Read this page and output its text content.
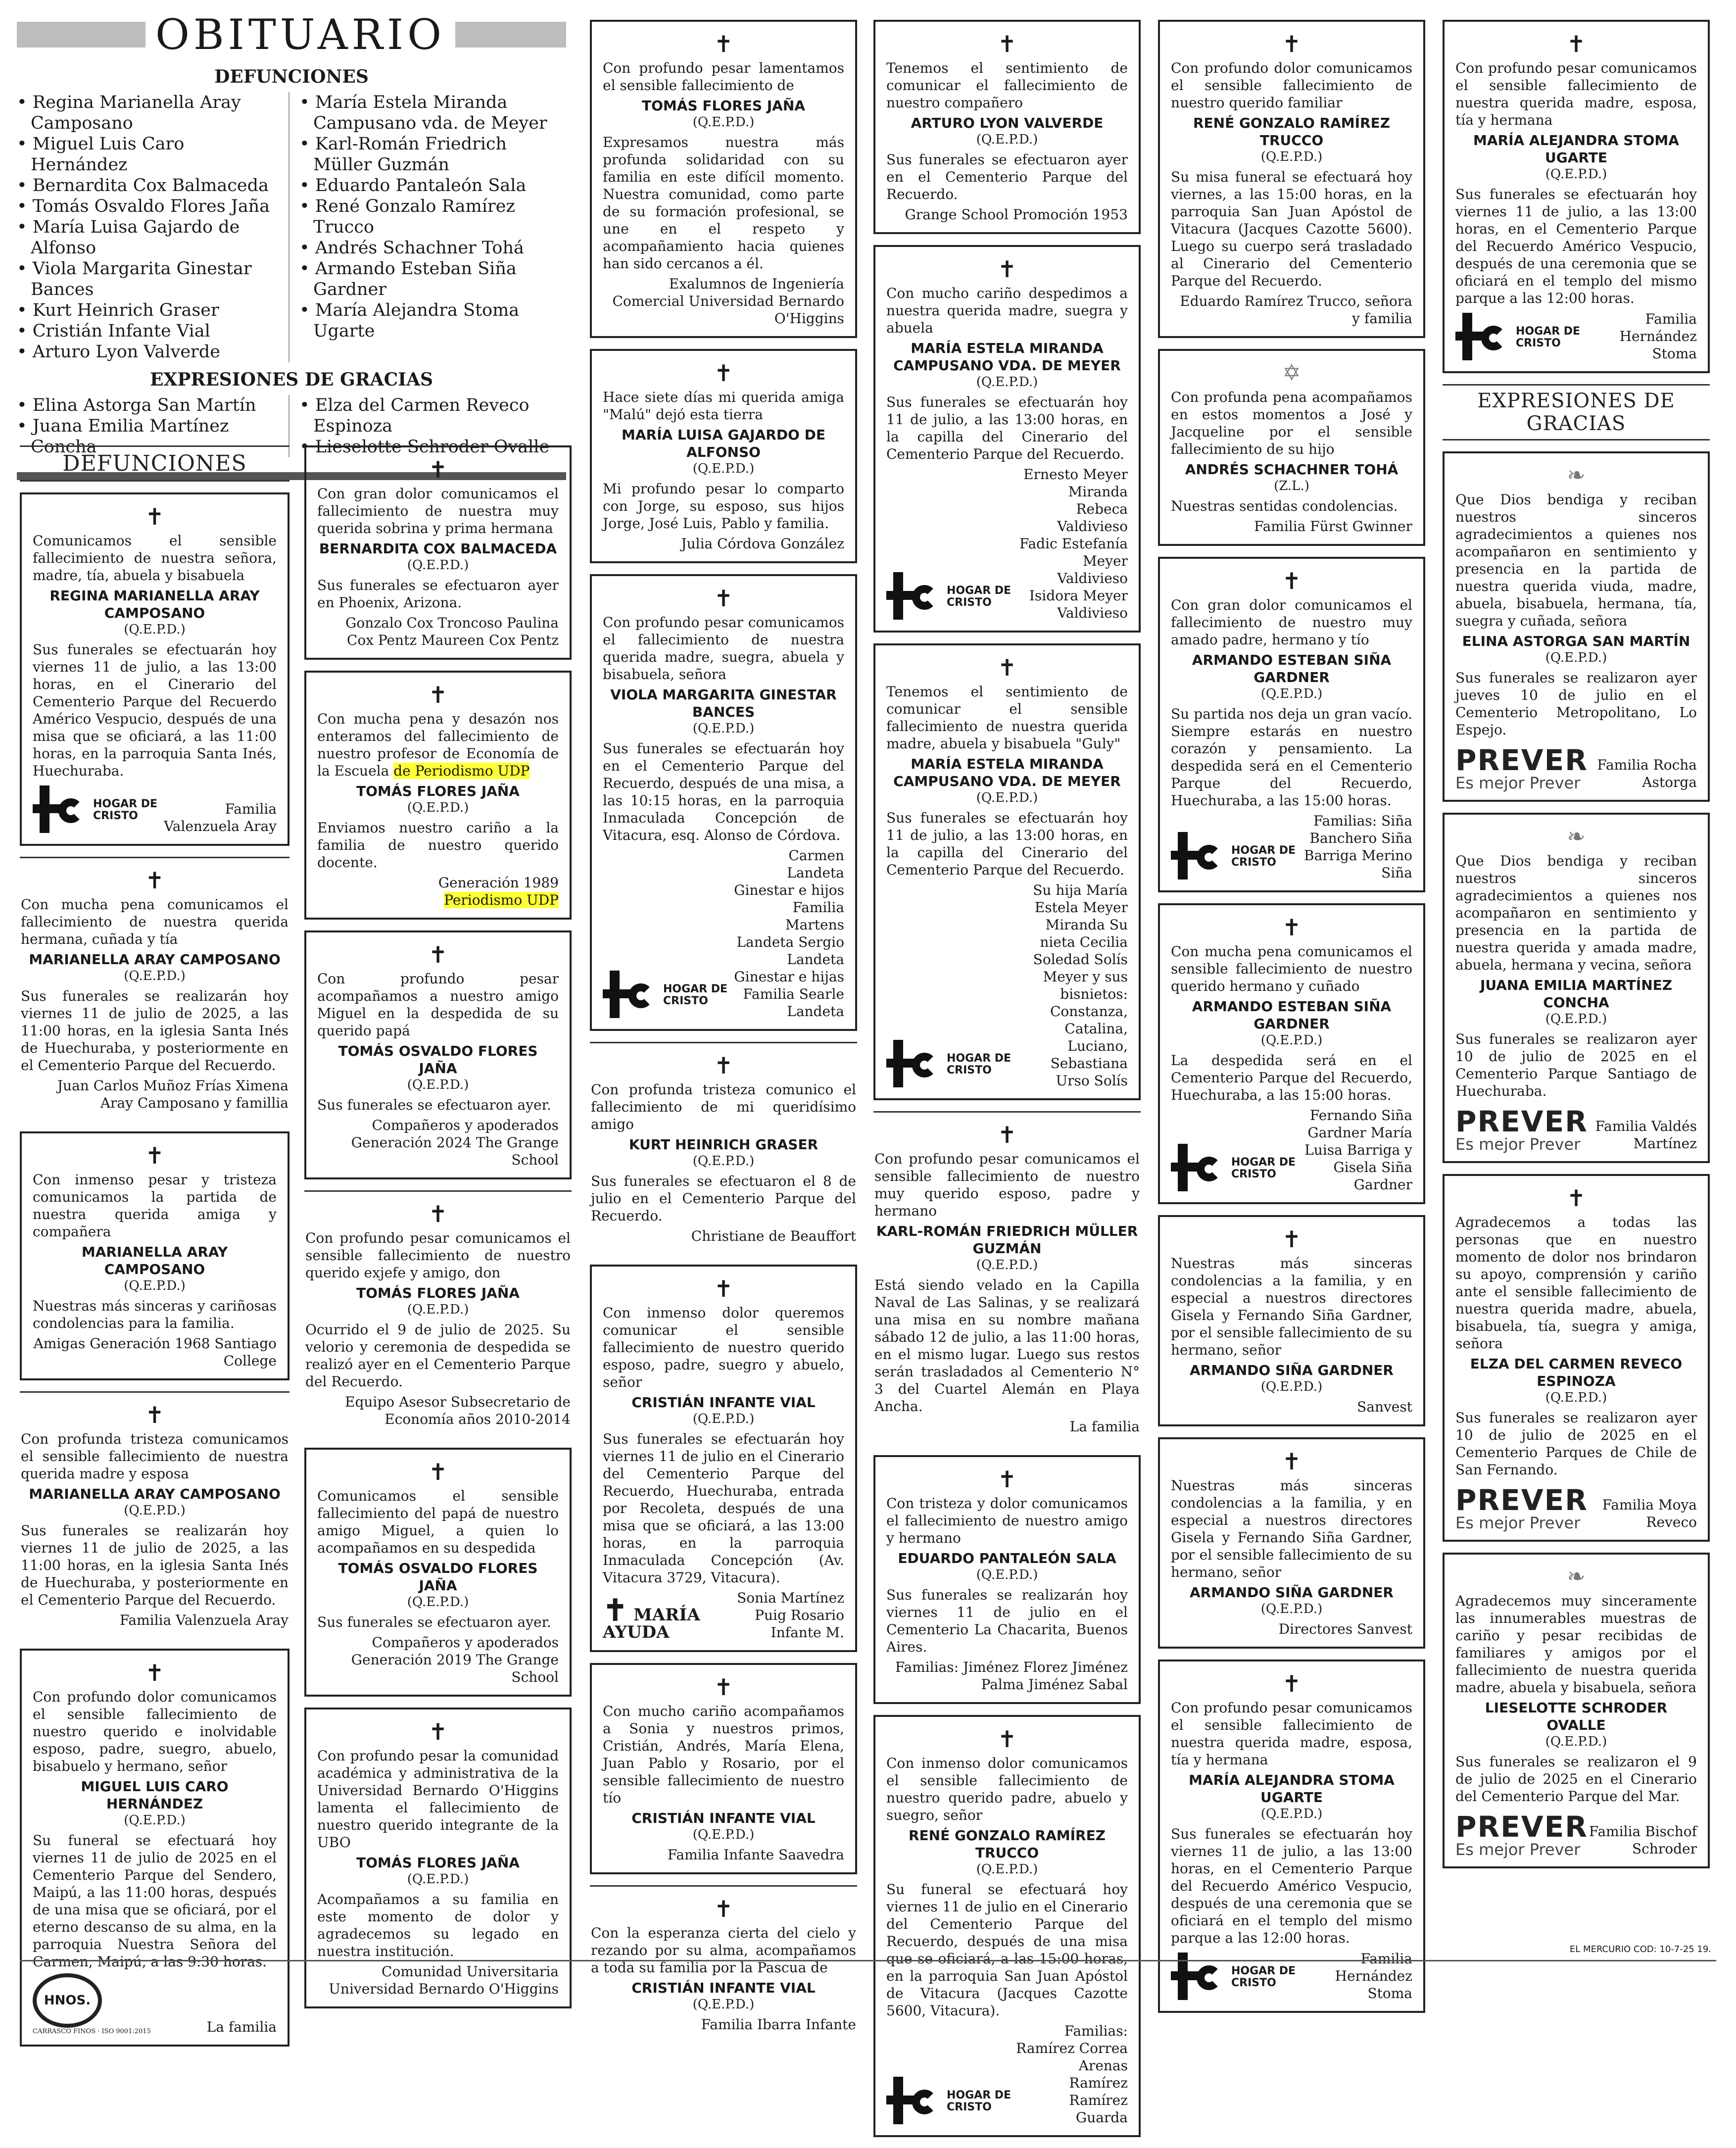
OBITUARIO
DEFUNCIONES
• Regina Marianella Aray Camposano
• Miguel Luis Caro Hernández
• Bernardita Cox Balmaceda
• Tomás Osvaldo Flores Jaña
• María Luisa Gajardo de Alfonso
• Viola Margarita Ginestar Bances
• Kurt Heinrich Graser
• Cristián Infante Vial
• Arturo Lyon Valverde
• María Estela Miranda Campusano vda. de Meyer
• Karl-Román Friedrich Müller Guzmán
• Eduardo Pantaleón Sala
• René Gonzalo Ramírez Trucco
• Andrés Schachner Tohá
• Armando Esteban Siña Gardner
• María Alejandra Stoma Ugarte
EXPRESIONES DE GRACIAS
• Elina Astorga San Martín
• Juana Emilia Martínez Concha
• Elza del Carmen Reveco Espinoza
• Lieselotte Schroder Ovalle
DEFUNCIONES
✝
Comunicamos el sensible fallecimiento de nuestra señora, madre, tía, abuela y bisabuela
REGINA MARIANELLA ARAY CAMPOSANO
(Q.E.P.D.)
Sus funerales se efectuarán hoy viernes 11 de julio, a las 13:00 horas, en el Cinerario del Cementerio Parque del Recuerdo Américo Vespucio, después de una misa que se oficiará, a las 11:00 horas, en la parroquia Santa Inés, Huechuraba.
HOGAR DE CRISTO	Familia Valenzuela Aray
✝
Con mucha pena comunicamos el fallecimiento de nuestra querida hermana, cuñada y tía
MARIANELLA ARAY CAMPOSANO
(Q.E.P.D.)
Sus funerales se realizarán hoy viernes 11 de julio de 2025, a las 11:00 horas, en la iglesia Santa Inés de Huechuraba, y posteriormente en el Cementerio Parque del Recuerdo.
Juan Carlos Muñoz Frías Ximena Aray Camposano y famillia
✝
Con inmenso pesar y tristeza comunicamos la partida de nuestra querida amiga y compañera
MARIANELLA ARAY CAMPOSANO
(Q.E.P.D.)
Nuestras más sinceras y cariñosas condolencias para la familia.
Amigas Generación 1968 Santiago College
✝
Con profunda tristeza comunicamos el sensible fallecimiento de nuestra querida madre y esposa
MARIANELLA ARAY CAMPOSANO
(Q.E.P.D.)
Sus funerales se realizarán hoy viernes 11 de julio de 2025, a las 11:00 horas, en la iglesia Santa Inés de Huechuraba, y posteriormente en el Cementerio Parque del Recuerdo.
Familia Valenzuela Aray
✝
Con profundo dolor comunicamos el sensible fallecimiento de nuestro querido e inolvidable esposo, padre, suegro, abuelo, bisabuelo y hermano, señor
MIGUEL LUIS CARO HERNÁNDEZ
(Q.E.P.D.)
Su funeral se efectuará hoy viernes 11 de julio de 2025 en el Cementerio Parque del Sendero, Maipú, a las 11:00 horas, después de una misa que se oficiará, por el eterno descanso de su alma, en la parroquia Nuestra Señora del Carmen, Maipú, a las 9:30 horas.
HNOS.
CARRASCO FINOS · ISO 9001:2015	La familia
✝
Con gran dolor comunicamos el fallecimiento de nuestra muy querida sobrina y prima hermana
BERNARDITA COX BALMACEDA
(Q.E.P.D.)
Sus funerales se efectuaron ayer en Phoenix, Arizona.
Gonzalo Cox Troncoso Paulina Cox Pentz Maureen Cox Pentz
✝
Con mucha pena y desazón nos enteramos del fallecimiento de nuestro profesor de Economía de la Escuela de Periodismo UDP
TOMÁS FLORES JAÑA
(Q.E.P.D.)
Enviamos nuestro cariño a la familia de nuestro querido docente.
Generación 1989
Periodismo UDP
✝
Con profundo pesar acompañamos a nuestro amigo Miguel en la despedida de su querido papá
TOMÁS OSVALDO FLORES JAÑA
(Q.E.P.D.)
Sus funerales se efectuaron ayer.
Compañeros y apoderados Generación 2024 The Grange School
✝
Con profundo pesar comunicamos el sensible fallecimiento de nuestro querido exjefe y amigo, don
TOMÁS FLORES JAÑA
(Q.E.P.D.)
Ocurrido el 9 de julio de 2025. Su velorio y ceremonia de despedida se realizó ayer en el Cementerio Parque del Recuerdo.
Equipo Asesor Subsecretario de Economía años 2010-2014
✝
Comunicamos el sensible fallecimiento del papá de nuestro amigo Miguel, a quien lo acompañamos en su despedida
TOMÁS OSVALDO FLORES JAÑA
(Q.E.P.D.)
Sus funerales se efectuaron ayer.
Compañeros y apoderados Generación 2019 The Grange School
✝
Con profundo pesar la comunidad académica y administrativa de la Universidad Bernardo O'Higgins lamenta el fallecimiento de nuestro querido integrante de la UBO
TOMÁS FLORES JAÑA
(Q.E.P.D.)
Acompañamos a su familia en este momento de dolor y agradecemos su legado en nuestra institución.
Comunidad Universitaria Universidad Bernardo O'Higgins
✝
Con profundo pesar lamentamos el sensible fallecimiento de
TOMÁS FLORES JAÑA
(Q.E.P.D.)
Expresamos nuestra más profunda solidaridad con su familia en este difícil momento. Nuestra comunidad, como parte de su formación profesional, se une en el respeto y acompañamiento hacia quienes han sido cercanos a él.
Exalumnos de Ingeniería Comercial Universidad Bernardo O'Higgins
✝
Hace siete días mi querida amiga "Malú" dejó esta tierra
MARÍA LUISA GAJARDO DE ALFONSO
(Q.E.P.D.)
Mi profundo pesar lo comparto con Jorge, su esposo, sus hijos Jorge, José Luis, Pablo y familia.
Julia Córdova González
✝
Con profundo pesar comunicamos el fallecimiento de nuestra querida madre, suegra, abuela y bisabuela, señora
VIOLA MARGARITA GINESTAR BANCES
(Q.E.P.D.)
Sus funerales se efectuarán hoy en el Cementerio Parque del Recuerdo, después de una misa, a las 10:15 horas, en la parroquia Inmaculada Concepción de Vitacura, esq. Alonso de Córdova.
HOGAR DE CRISTO
Carmen Landeta Ginestar e hijos Familia Martens Landeta Sergio Landeta Ginestar e hijas Familia Searle Landeta
✝
Con profunda tristeza comunico el fallecimiento de mi queridísimo amigo
KURT HEINRICH GRASER
(Q.E.P.D.)
Sus funerales se efectuaron el 8 de julio en el Cementerio Parque del Recuerdo.
Christiane de Beauffort
✝
Con inmenso dolor queremos comunicar el sensible fallecimiento de nuestro querido esposo, padre, suegro y abuelo, señor
CRISTIÁN INFANTE VIAL
(Q.E.P.D.)
Sus funerales se efectuarán hoy viernes 11 de julio en el Cinerario del Cementerio Parque del Recuerdo, Huechuraba, entrada por Recoleta, después de una misa que se oficiará, a las 13:00 horas, en la parroquia Inmaculada Concepción (Av. Vitacura 3729, Vitacura).
✝ MARÍA AYUDA
Sonia Martínez Puig Rosario Infante M.
✝
Con mucho cariño acompañamos a Sonia y nuestros primos, Cristián, Andrés, María Elena, Juan Pablo y Rosario, por el sensible fallecimiento de nuestro tío
CRISTIÁN INFANTE VIAL
(Q.E.P.D.)
Familia Infante Saavedra
✝
Con la esperanza cierta del cielo y rezando por su alma, acompañamos a toda su familia por la Pascua de
CRISTIÁN INFANTE VIAL
(Q.E.P.D.)
Familia Ibarra Infante
✝
Tenemos el sentimiento de comunicar el fallecimiento de nuestro compañero
ARTURO LYON VALVERDE
(Q.E.P.D.)
Sus funerales se efectuaron ayer en el Cementerio Parque del Recuerdo.
Grange School Promoción 1953
✝
Con mucho cariño despedimos a nuestra querida madre, suegra y abuela
MARÍA ESTELA MIRANDA CAMPUSANO VDA. DE MEYER
(Q.E.P.D.)
Sus funerales se efectuarán hoy 11 de julio, a las 13:00 horas, en la capilla del Cinerario del Cementerio Parque del Recuerdo.
HOGAR DE CRISTO
Ernesto Meyer Miranda Rebeca Valdivieso Fadic Estefanía Meyer Valdivieso Isidora Meyer Valdivieso
✝
Tenemos el sentimiento de comunicar el sensible fallecimiento de nuestra querida madre, abuela y bisabuela "Guly"
MARÍA ESTELA MIRANDA CAMPUSANO VDA. DE MEYER
(Q.E.P.D.)
Sus funerales se efectuarán hoy 11 de julio, a las 13:00 horas, en la capilla del Cinerario del Cementerio Parque del Recuerdo.
HOGAR DE CRISTO
Su hija María Estela Meyer Miranda Su nieta Cecilia Soledad Solís Meyer y sus bisnietos: Constanza, Catalina, Luciano, Sebastiana Urso Solís
✝
Con profundo pesar comunicamos el sensible fallecimiento de nuestro muy querido esposo, padre y hermano
KARL-ROMÁN FRIEDRICH MÜLLER GUZMÁN
(Q.E.P.D.)
Está siendo velado en la Capilla Naval de Las Salinas, y se realizará una misa en su nombre mañana sábado 12 de julio, a las 11:00 horas, en el mismo lugar. Luego sus restos serán trasladados al Cementerio N° 3 del Cuartel Alemán en Playa Ancha.
La familia
✝
Con tristeza y dolor comunicamos el fallecimiento de nuestro amigo y hermano
EDUARDO PANTALEÓN SALA
(Q.E.P.D.)
Sus funerales se realizarán hoy viernes 11 de julio en el Cementerio La Chacarita, Buenos Aires.
Familias: Jiménez Florez Jiménez Palma Jiménez Sabal
✝
Con inmenso dolor comunicamos el sensible fallecimiento de nuestro querido padre, abuelo y suegro, señor
RENÉ GONZALO RAMÍREZ TRUCCO
(Q.E.P.D.)
Su funeral se efectuará hoy viernes 11 de julio en el Cinerario del Cementerio Parque del Recuerdo, después de una misa que se oficiará, a las 15:00 horas, en la parroquia San Juan Apóstol de Vitacura (Jacques Cazotte 5600, Vitacura).
HOGAR DE CRISTO
Familias: Ramírez Correa Arenas Ramírez Ramírez Guarda
✝
Con profundo dolor comunicamos el sensible fallecimiento de nuestro querido familiar
RENÉ GONZALO RAMÍREZ TRUCCO
(Q.E.P.D.)
Su misa funeral se efectuará hoy viernes, a las 15:00 horas, en la parroquia San Juan Apóstol de Vitacura (Jacques Cazotte 5600). Luego su cuerpo será trasladado al Cinerario del Cementerio Parque del Recuerdo.
Eduardo Ramírez Trucco, señora y familia
✡
Con profunda pena acompañamos en estos momentos a José y Jacqueline por el sensible fallecimiento de su hijo
ANDRÉS SCHACHNER TOHÁ
(Z.L.)
Nuestras sentidas condolencias.
Familia Fürst Gwinner
✝
Con gran dolor comunicamos el fallecimiento de nuestro muy amado padre, hermano y tío
ARMANDO ESTEBAN SIÑA GARDNER
(Q.E.P.D.)
Su partida nos deja un gran vacío. Siempre estarás en nuestro corazón y pensamiento. La despedida será en el Cementerio Parque del Recuerdo, Huechuraba, a las 15:00 horas.
HOGAR DE CRISTO
Familias: Siña Banchero Siña Barriga Merino Siña
✝
Con mucha pena comunicamos el sensible fallecimiento de nuestro querido hermano y cuñado
ARMANDO ESTEBAN SIÑA GARDNER
(Q.E.P.D.)
La despedida será en el Cementerio Parque del Recuerdo, Huechuraba, a las 15:00 horas.
HOGAR DE CRISTO
Fernando Siña Gardner María Luisa Barriga y Gisela Siña Gardner
✝
Nuestras más sinceras condolencias a la familia, y en especial a nuestros directores Gisela y Fernando Siña Gardner, por el sensible fallecimiento de su hermano, señor
ARMANDO SIÑA GARDNER
(Q.E.P.D.)
Sanvest
✝
Nuestras más sinceras condolencias a la familia, y en especial a nuestros directores Gisela y Fernando Siña Gardner, por el sensible fallecimiento de su hermano, señor
ARMANDO SIÑA GARDNER
(Q.E.P.D.)
Directores Sanvest
✝
Con profundo pesar comunicamos el sensible fallecimiento de nuestra querida madre, esposa, tía y hermana
MARÍA ALEJANDRA STOMA UGARTE
(Q.E.P.D.)
Sus funerales se efectuarán hoy viernes 11 de julio, a las 13:00 horas, en el Cementerio Parque del Recuerdo Américo Vespucio, después de una ceremonia que se oficiará en el templo del mismo parque a las 12:00 horas.
HOGAR DE CRISTO
Familia Hernández Stoma
✝
Con profundo pesar comunicamos el sensible fallecimiento de nuestra querida madre, esposa, tía y hermana
MARÍA ALEJANDRA STOMA UGARTE
(Q.E.P.D.)
Sus funerales se efectuarán hoy viernes 11 de julio, a las 13:00 horas, en el Cementerio Parque del Recuerdo Américo Vespucio, después de una ceremonia que se oficiará en el templo del mismo parque a las 12:00 horas.
HOGAR DE CRISTO
Familia Hernández Stoma
EXPRESIONES DE GRACIAS
❧
Que Dios bendiga y reciban nuestros sinceros agradecimientos a quienes nos acompañaron en sentimiento y presencia en la partida de nuestra querida viuda, madre, abuela, bisabuela, hermana, tía, suegra y cuñada, señora
ELINA ASTORGA SAN MARTÍN
(Q.E.P.D.)
Sus funerales se realizaron ayer jueves 10 de julio en el Cementerio Metropolitano, Lo Espejo.
PREVER
Es mejor Prever
Familia Rocha Astorga
❧
Que Dios bendiga y reciban nuestros sinceros agradecimientos a quienes nos acompañaron en sentimiento y presencia en la partida de nuestra querida y amada madre, abuela, hermana y vecina, señora
JUANA EMILIA MARTÍNEZ CONCHA
(Q.E.P.D.)
Sus funerales se realizaron ayer 10 de julio de 2025 en el Cementerio Parque Santiago de Huechuraba.
PREVER
Es mejor Prever
Familia Valdés Martínez
✝
Agradecemos a todas las personas que en nuestro momento de dolor nos brindaron su apoyo, comprensión y cariño ante el sensible fallecimiento de nuestra querida madre, abuela, bisabuela, tía, suegra y amiga, señora
ELZA DEL CARMEN REVECO ESPINOZA
(Q.E.P.D.)
Sus funerales se realizaron ayer 10 de julio de 2025 en el Cementerio Parques de Chile de San Fernando.
PREVER
Es mejor Prever
Familia Moya Reveco
❧
Agradecemos muy sinceramente las innumerables muestras de cariño y pesar recibidas de familiares y amigos por el fallecimiento de nuestra querida madre, abuela y bisabuela, señora
LIESELOTTE SCHRODER OVALLE
(Q.E.P.D.)
Sus funerales se realizaron el 9 de julio de 2025 en el Cinerario del Cementerio Parque del Mar.
PREVER
Es mejor Prever
Familia Bischof Schroder
EL MERCURIO COD: 10-7-25 19.
